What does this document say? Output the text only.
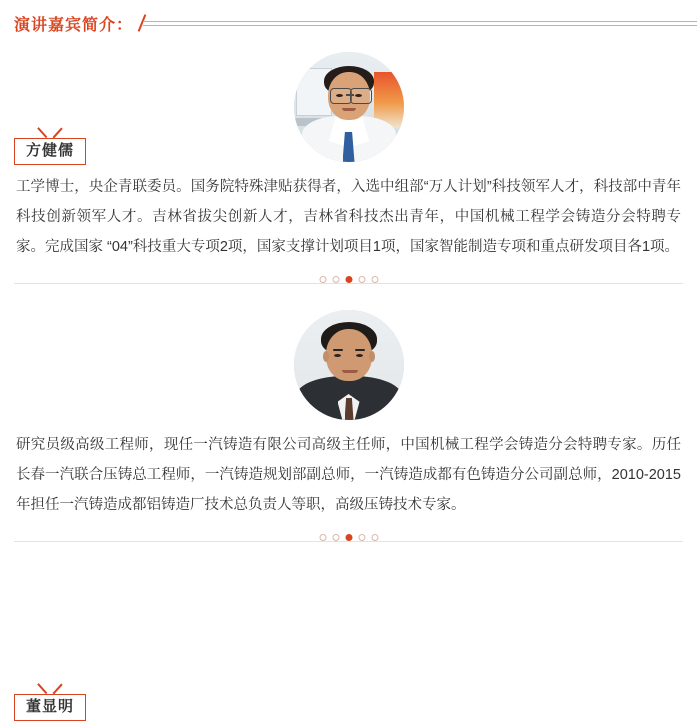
演讲嘉宾简介：
方健儒
工学博士，央企青联委员。国务院特殊津贴获得者，入选中组部“万人计划”科技领军人才，科技部中青年科技创新领军人才。吉林省拔尖创新人才，吉林省科技杰出青年，中国机械工程学会铸造分会特聘专家。完成国家 “04”科技重大专项2项，国家支撑计划项目1项，国家智能制造专项和重点研发项目各1项。
董显明
研究员级高级工程师，现任一汽铸造有限公司高级主任师，中国机械工程学会铸造分会特聘专家。历任长春一汽联合压铸总工程师，一汽铸造规划部副总师，一汽铸造成都有色铸造分公司副总师，2010-2015年担任一汽铸造成都铝铸造厂技术总负责人等职，高级压铸技术专家。
